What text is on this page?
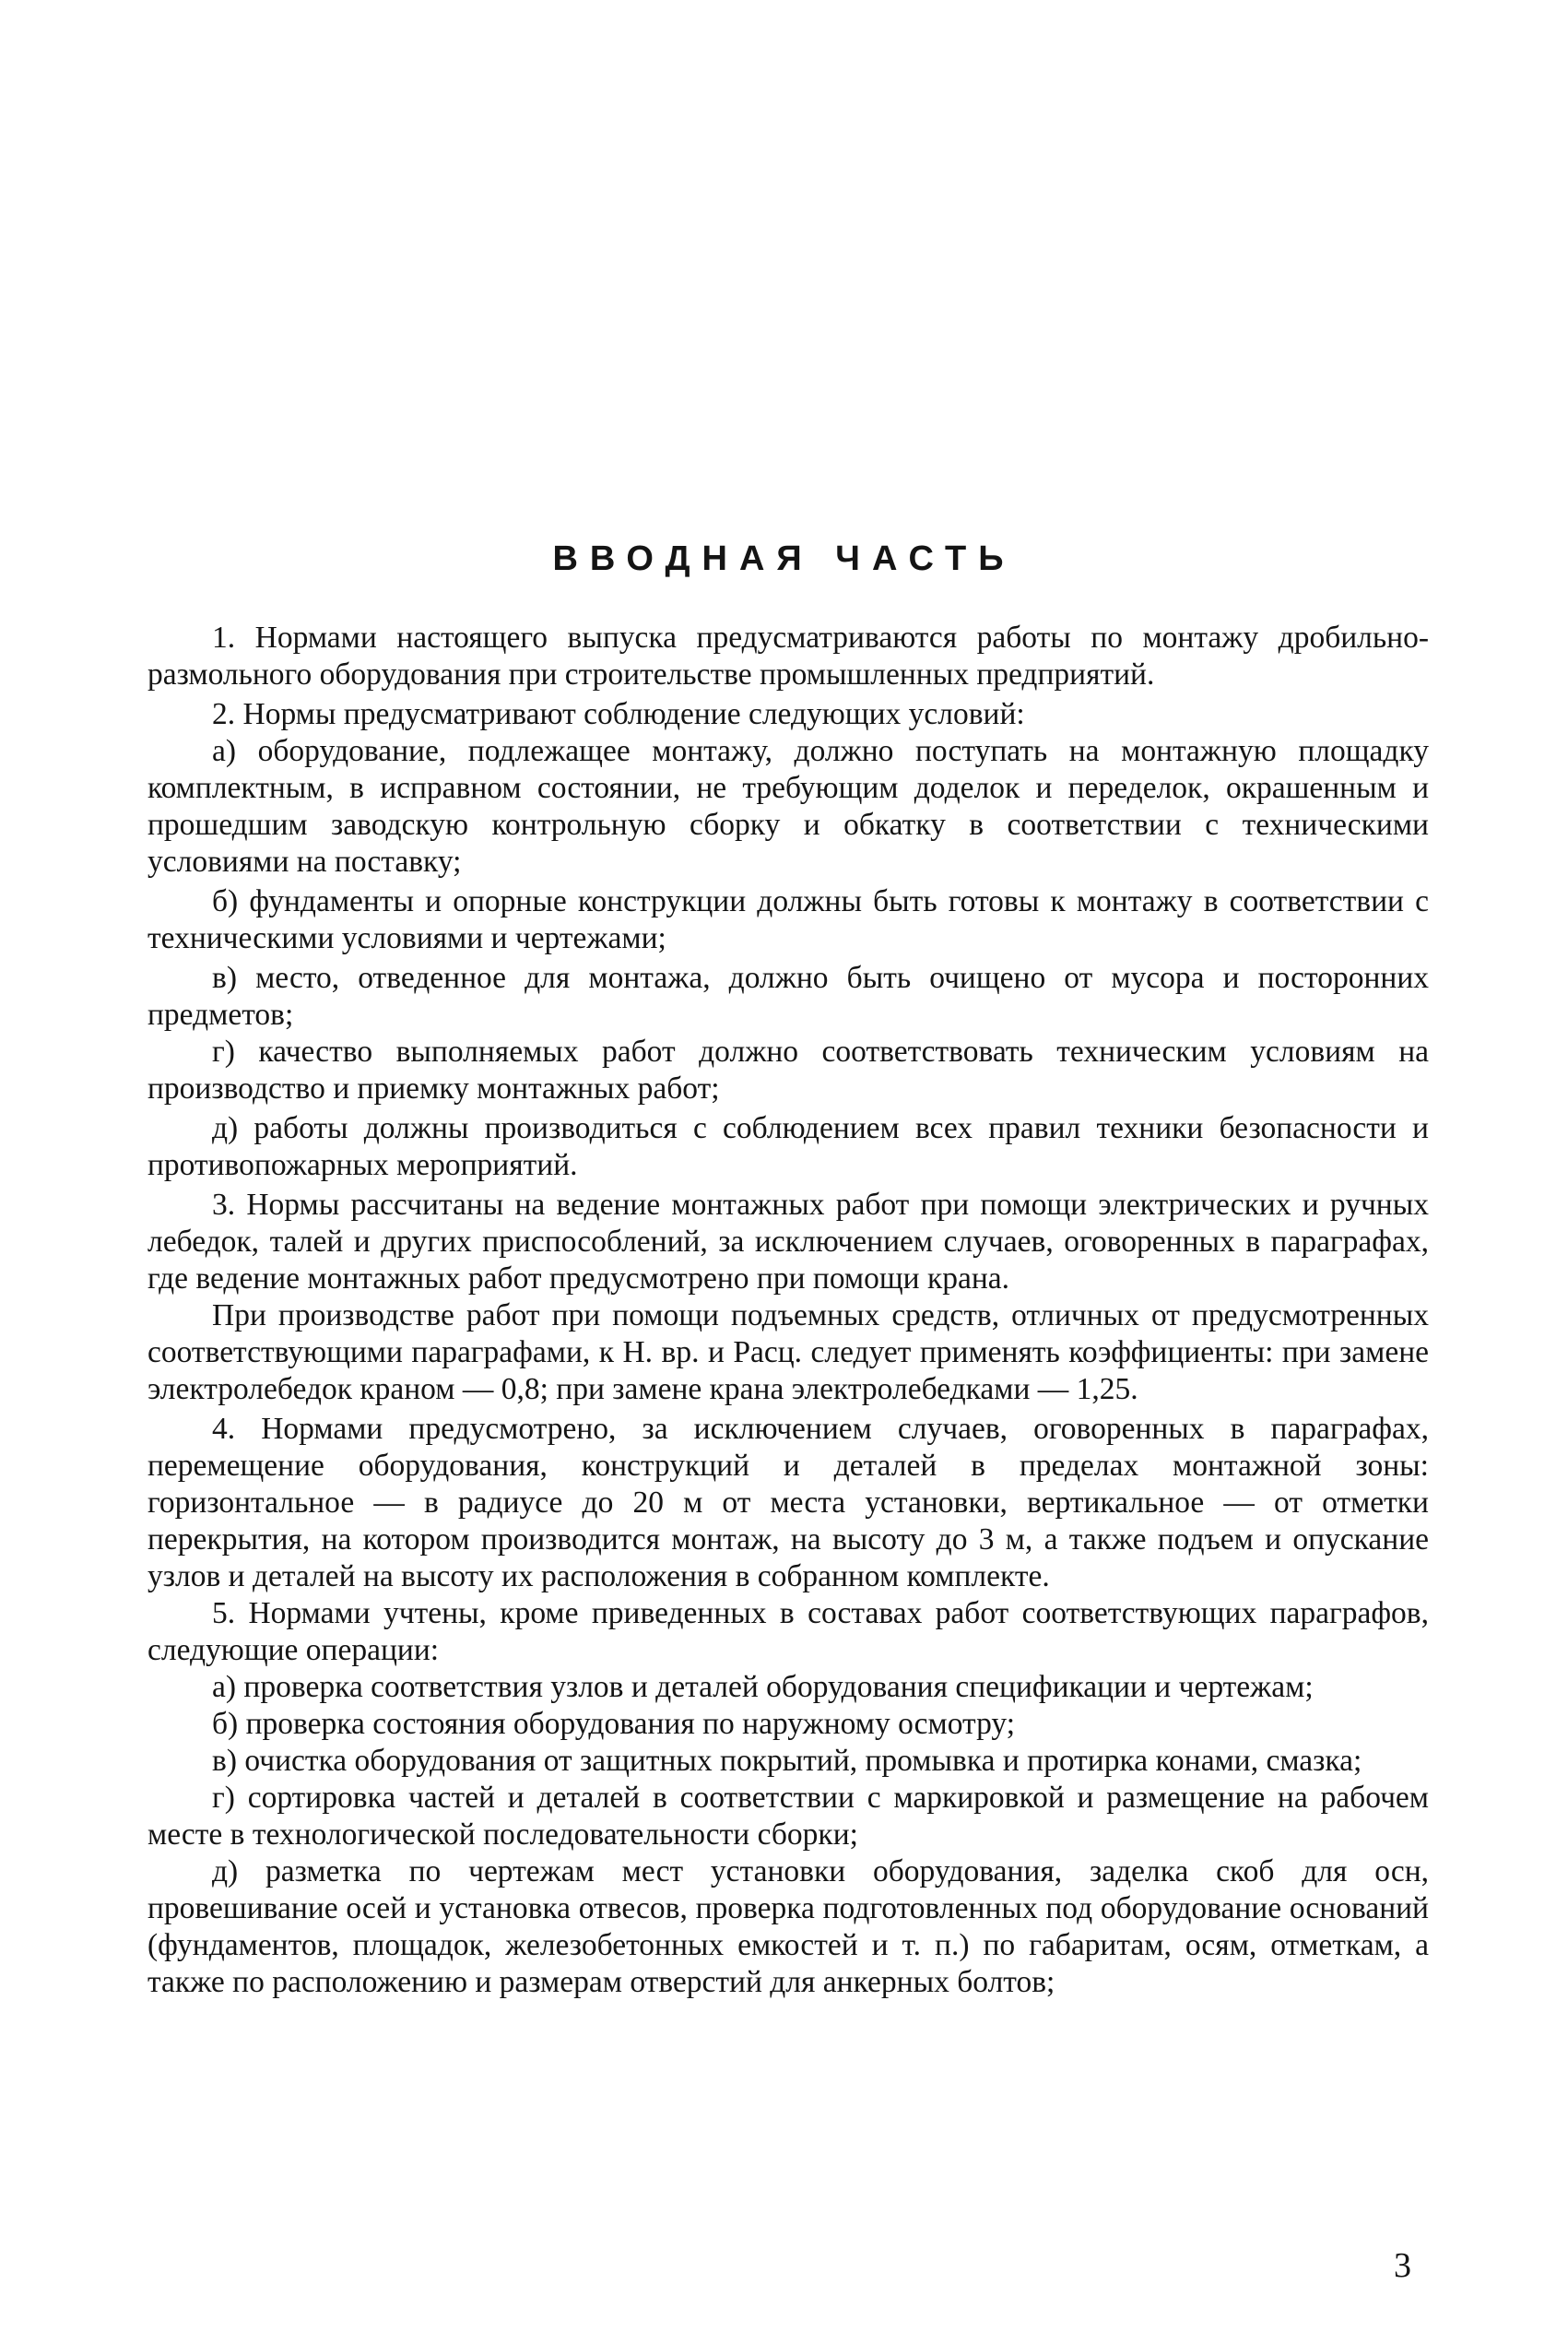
ВВОДНАЯ ЧАСТЬ

1. Нормами настоящего выпуска предусматриваются работы по монтажу дробильно-размольного оборудования при строительстве промышленных предприятий.

2. Нормы предусматривают соблюдение следующих условий:

а) оборудование, подлежащее монтажу, должно поступать на монтажную площадку комплектным, в исправном состоянии, не требующим доделок и переделок, окрашенным и прошедшим заводскую контрольную сборку и обкатку в соответствии с техническими условиями на поставку;

б) фундаменты и опорные конструкции должны быть готовы к монтажу в соответствии с техническими условиями и чертежами;

в) место, отведенное для монтажа, должно быть очищено от мусора и посторонних предметов;

г) качество выполняемых работ должно соответствовать техническим условиям на производство и приемку монтажных работ;

д) работы должны производиться с соблюдением всех правил техники безопасности и противопожарных мероприятий.

3. Нормы рассчитаны на ведение монтажных работ при помощи электрических и ручных лебедок, талей и других приспособлений, за исключением случаев, оговоренных в параграфах, где ведение монтажных работ предусмотрено при помощи крана.

При производстве работ при помощи подъемных средств, отличных от предусмотренных соответствующими параграфами, к Н. вр. и Расц. следует применять коэффициенты: при замене электролебедок краном — 0,8; при замене крана электролебедками — 1,25.

4. Нормами предусмотрено, за исключением случаев, оговоренных в параграфах, перемещение оборудования, конструкций и деталей в пределах монтажной зоны: горизонтальное — в радиусе до 20 м от места установки, вертикальное — от отметки перекрытия, на котором производится монтаж, на высоту до 3 м, а также подъем и опускание узлов и деталей на высоту их расположения в собранном комплекте.

5. Нормами учтены, кроме приведенных в составах работ соответствующих параграфов, следующие операции:

а) проверка соответствия узлов и деталей оборудования спецификации и чертежам;

б) проверка состояния оборудования по наружному осмотру;

в) очистка оборудования от защитных покрытий, промывка и протирка конами, смазка;

г) сортировка частей и деталей в соответствии с маркировкой и размещение на рабочем месте в технологической последовательности сборки;

д) разметка по чертежам мест установки оборудования, заделка скоб для осн, провешивание осей и установка отвесов, проверка подготовленных под оборудование оснований (фундаментов, площадок, железобетонных емкостей и т. п.) по габаритам, осям, отметкам, а также по расположению и размерам отверстий для анкерных болтов;

3
